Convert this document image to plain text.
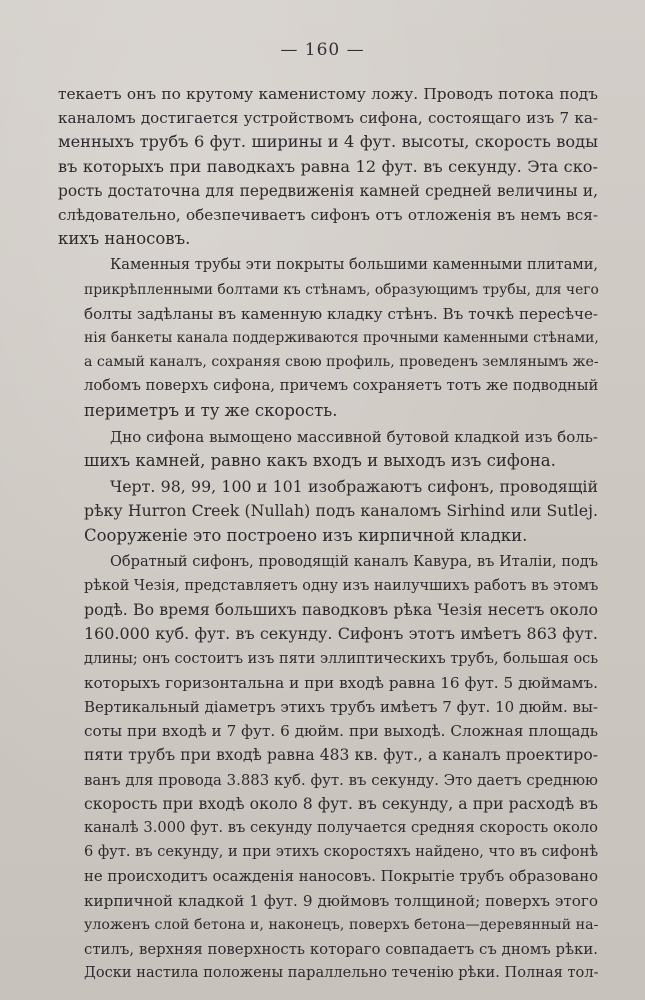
— 160 —
текаетъ онъ по крутому каменистому ложу. Проводъ потока подъ
каналомъ достигается устройствомъ сифона, состоящаго изъ 7 ка-
менныхъ трубъ 6 фут. ширины и 4 фут. высоты, скорость воды
въ которыхъ при паводкахъ равна 12 фут. въ секунду. Эта ско-
рость достаточна для передвиженія камней средней величины и,
слѣдовательно, обезпечиваетъ сифонъ отъ отложенія въ немъ вся-
кихъ наносовъ.
Каменныя трубы эти покрыты большими каменными плитами,
прикрѣпленными болтами къ стѣнамъ, образующимъ трубы, для чего
болты задѣланы въ каменную кладку стѣнъ. Въ точкѣ пересѣче-
нія банкеты канала поддерживаются прочными каменными стѣнами,
а самый каналъ, сохраняя свою профиль, проведенъ землянымъ же-
лобомъ поверхъ сифона, причемъ сохраняетъ тотъ же подводный
периметръ и ту же скорость.
Дно сифона вымощено массивной бутовой кладкой изъ боль-
шихъ камней, равно какъ входъ и выходъ изъ сифона.
Черт. 98, 99, 100 и 101 изображаютъ сифонъ, проводящій
рѣку Hurron Creek (Nullah) подъ каналомъ Sirhind или Sutlej.
Сооруженіе это построено изъ кирпичной кладки.
Обратный сифонъ, проводящій каналъ Кавура, въ Италіи, подъ
рѣкой Чезія, представляетъ одну изъ наилучшихъ работъ въ этомъ
родѣ. Во время большихъ паводковъ рѣка Чезія несетъ около
160.000 куб. фут. въ секунду. Сифонъ этотъ имѣетъ 863 фут.
длины; онъ состоитъ изъ пяти эллиптическихъ трубъ, большая ось
которыхъ горизонтальна и при входѣ равна 16 фут. 5 дюймамъ.
Вертикальный діаметръ этихъ трубъ имѣетъ 7 фут. 10 дюйм. вы-
соты при входѣ и 7 фут. 6 дюйм. при выходѣ. Сложная площадь
пяти трубъ при входѣ равна 483 кв. фут., а каналъ проектиро-
ванъ для провода 3.883 куб. фут. въ секунду. Это даетъ среднюю
скорость при входѣ около 8 фут. въ секунду, а при расходѣ въ
каналѣ 3.000 фут. въ секунду получается средняя скорость около
6 фут. въ секунду, и при этихъ скоростяхъ найдено, что въ сифонѣ
не происходитъ осажденія наносовъ. Покрытіе трубъ образовано
кирпичной кладкой 1 фут. 9 дюймовъ толщиной; поверхъ этого
уложенъ слой бетона и, наконецъ, поверхъ бетона—деревянный на-
стилъ, верхняя поверхность котораго совпадаетъ съ дномъ рѣки.
Доски настила положены параллельно теченію рѣки. Полная тол-
